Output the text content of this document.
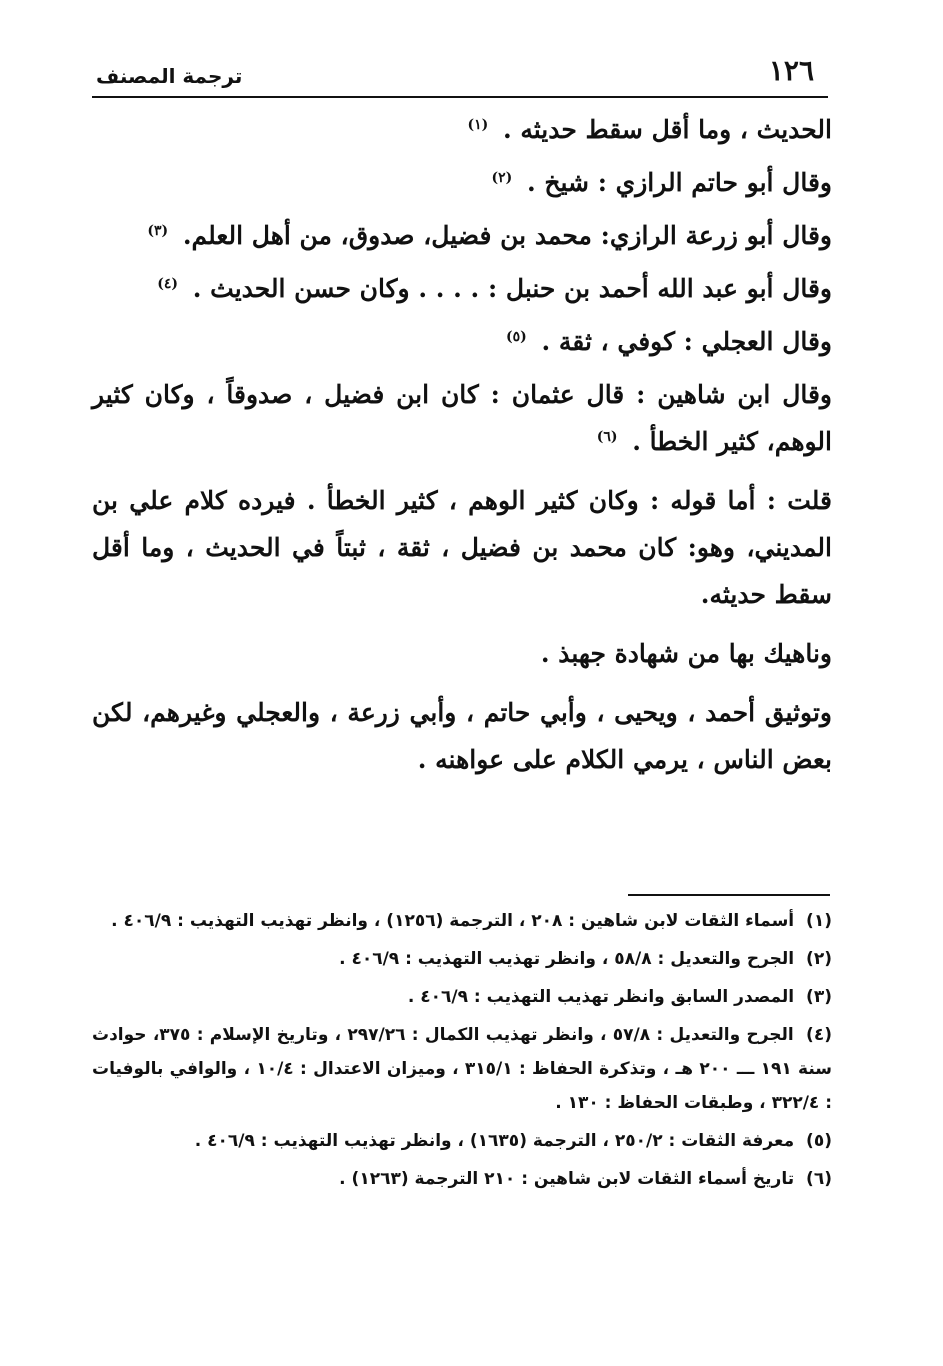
١٢٦
ترجمة المصنف

الحديث ، وما أقل سقط حديثه . $^{(١)}$

وقال أبو حاتم الرازي : شيخ . $^{(٢)}$

وقال أبو زرعة الرازي: محمد بن فضيل، صدوق، من أهل العلم. $^{(٣)}$

وقال أبو عبد الله أحمد بن حنبل : . . . . وكان حسن الحديث . $^{(٤)}$

وقال العجلي : كوفي ، ثقة . $^{(٥)}$

وقال ابن شاهين : قال عثمان : كان ابن فضيل ، صدوقاً ، وكان كثير الوهم، كثير الخطأ . $^{(٦)}$

قلت : أما قوله : وكان كثير الوهم ، كثير الخطأ . فيرده كلام علي بن المديني، وهو: كان محمد بن فضيل ، ثقة ، ثبتاً في الحديث ، وما أقل سقط حديثه.

وناهيك بها من شهادة جهبذ .

وتوثيق أحمد ، ويحيى ، وأبي حاتم ، وأبي زرعة ، والعجلي وغيرهم، لكن بعض الناس ، يرمي الكلام على عواهنه .

(١) أسماء الثقات لابن شاهين : ٢٠٨ ، الترجمة (١٢٥٦) ، وانظر تهذيب التهذيب : ٤٠٦/٩ .

(٢) الجرح والتعديل : ٥٨/٨ ، وانظر تهذيب التهذيب : ٤٠٦/٩ .

(٣) المصدر السابق وانظر تهذيب التهذيب : ٤٠٦/٩ .

(٤) الجرح والتعديل : ٥٧/٨ ، وانظر تهذيب الكمال : ٢٩٧/٢٦ ، وتاريخ الإسلام : ٣٧٥، حوادث سنة ١٩١ ـــ ٢٠٠ هـ ، وتذكرة الحفاظ : ٣١٥/١ ، وميزان الاعتدال : ١٠/٤ ، والوافي بالوفيات : ٣٢٢/٤ ، وطبقات الحفاظ : ١٣٠ .

(٥) معرفة الثقات : ٢٥٠/٢ ، الترجمة (١٦٣٥) ، وانظر تهذيب التهذيب : ٤٠٦/٩ .

(٦) تاريخ أسماء الثقات لابن شاهين : ٢١٠ الترجمة (١٢٦٣) .
